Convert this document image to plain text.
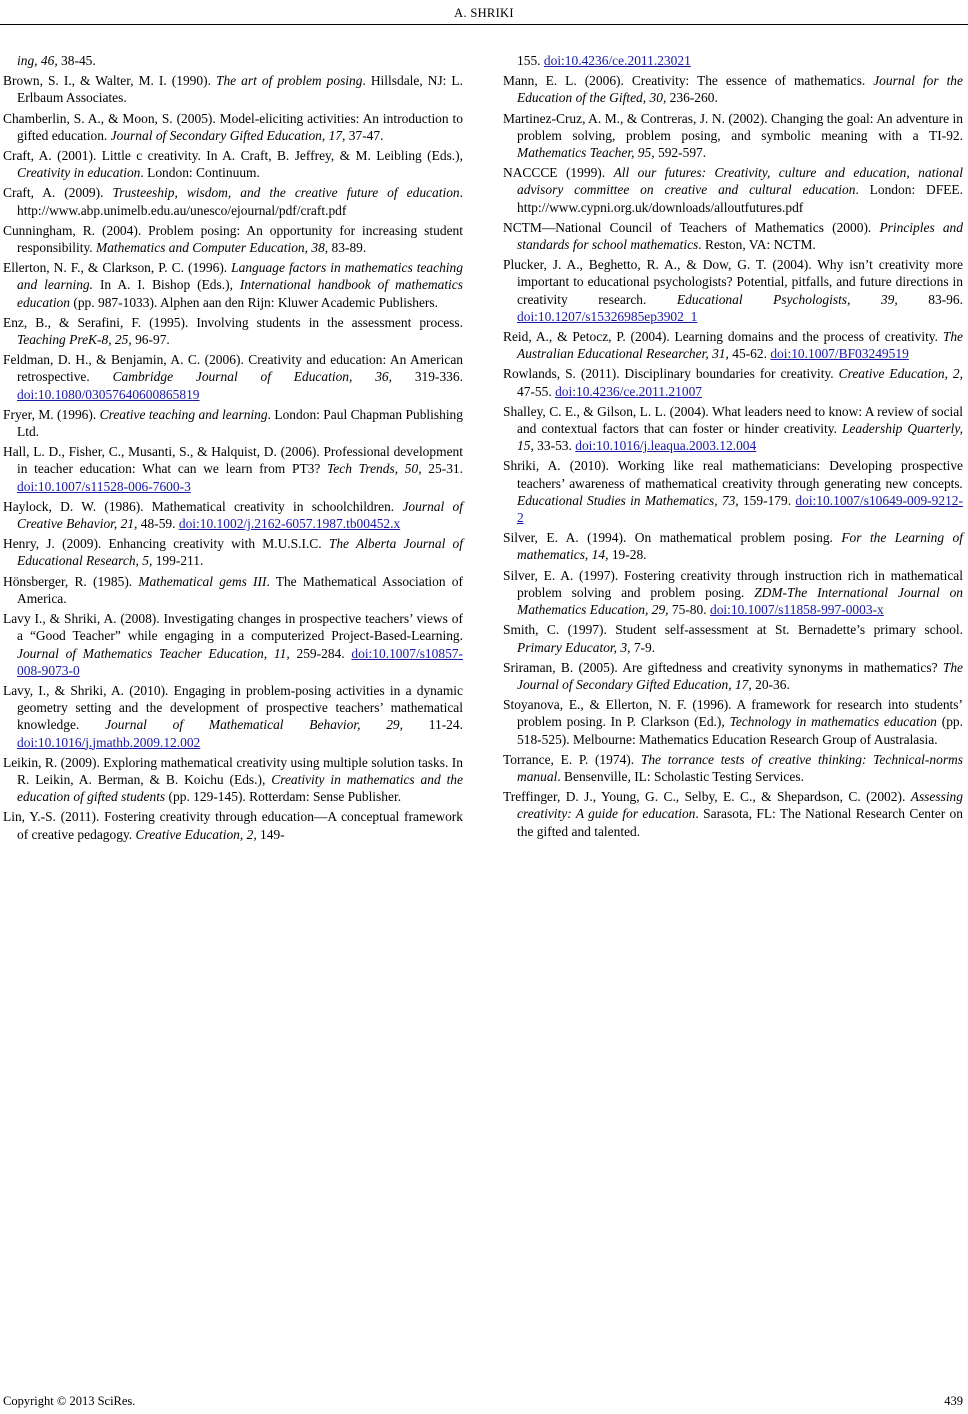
A. SHRIKI

ing, 46, 38-45.

Brown, S. I., & Walter, M. I. (1990). The art of problem posing. Hillsdale, NJ: L. Erlbaum Associates.

Chamberlin, S. A., & Moon, S. (2005). Model-eliciting activities: An introduction to gifted education. Journal of Secondary Gifted Education, 17, 37-47.

Craft, A. (2001). Little c creativity. In A. Craft, B. Jeffrey, & M. Leibling (Eds.), Creativity in education. London: Continuum.

Craft, A. (2009). Trusteeship, wisdom, and the creative future of education. http://www.abp.unimelb.edu.au/unesco/ejournal/pdf/craft.pdf

Cunningham, R. (2004). Problem posing: An opportunity for increasing student responsibility. Mathematics and Computer Education, 38, 83-89.

Ellerton, N. F., & Clarkson, P. C. (1996). Language factors in mathematics teaching and learning. In A. I. Bishop (Eds.), International handbook of mathematics education (pp. 987-1033). Alphen aan den Rijn: Kluwer Academic Publishers.

Enz, B., & Serafini, F. (1995). Involving students in the assessment process. Teaching PreK-8, 25, 96-97.

Feldman, D. H., & Benjamin, A. C. (2006). Creativity and education: An American retrospective. Cambridge Journal of Education, 36, 319-336. doi:10.1080/03057640600865819

Fryer, M. (1996). Creative teaching and learning. London: Paul Chapman Publishing Ltd.

Hall, L. D., Fisher, C., Musanti, S., & Halquist, D. (2006). Professional development in teacher education: What can we learn from PT3? Tech Trends, 50, 25-31. doi:10.1007/s11528-006-7600-3

Haylock, D. W. (1986). Mathematical creativity in schoolchildren. Journal of Creative Behavior, 21, 48-59. doi:10.1002/j.2162-6057.1987.tb00452.x

Henry, J. (2009). Enhancing creativity with M.U.S.I.C. The Alberta Journal of Educational Research, 5, 199-211.

Hönsberger, R. (1985). Mathematical gems III. The Mathematical Association of America.

Lavy I., & Shriki, A. (2008). Investigating changes in prospective teachers’ views of a “Good Teacher” while engaging in a computerized Project-Based-Learning. Journal of Mathematics Teacher Education, 11, 259-284. doi:10.1007/s10857-008-9073-0

Lavy, I., & Shriki, A. (2010). Engaging in problem-posing activities in a dynamic geometry setting and the development of prospective teachers’ mathematical knowledge. Journal of Mathematical Behavior, 29, 11-24. doi:10.1016/j.jmathb.2009.12.002

Leikin, R. (2009). Exploring mathematical creativity using multiple solution tasks. In R. Leikin, A. Berman, & B. Koichu (Eds.), Creativity in mathematics and the education of gifted students (pp. 129-145). Rotterdam: Sense Publisher.

Lin, Y.-S. (2011). Fostering creativity through education—A conceptual framework of creative pedagogy. Creative Education, 2, 149-

155. doi:10.4236/ce.2011.23021

Mann, E. L. (2006). Creativity: The essence of mathematics. Journal for the Education of the Gifted, 30, 236-260.

Martinez-Cruz, A. M., & Contreras, J. N. (2002). Changing the goal: An adventure in problem solving, problem posing, and symbolic meaning with a TI-92. Mathematics Teacher, 95, 592-597.

NACCCE (1999). All our futures: Creativity, culture and education, national advisory committee on creative and cultural education. London: DFEE. http://www.cypni.org.uk/downloads/alloutfutures.pdf

NCTM—National Council of Teachers of Mathematics (2000). Principles and standards for school mathematics. Reston, VA: NCTM.

Plucker, J. A., Beghetto, R. A., & Dow, G. T. (2004). Why isn’t creativity more important to educational psychologists? Potential, pitfalls, and future directions in creativity research. Educational Psychologists, 39, 83-96. doi:10.1207/s15326985ep3902_1

Reid, A., & Petocz, P. (2004). Learning domains and the process of creativity. The Australian Educational Researcher, 31, 45-62. doi:10.1007/BF03249519

Rowlands, S. (2011). Disciplinary boundaries for creativity. Creative Education, 2, 47-55. doi:10.4236/ce.2011.21007

Shalley, C. E., & Gilson, L. L. (2004). What leaders need to know: A review of social and contextual factors that can foster or hinder creativity. Leadership Quarterly, 15, 33-53. doi:10.1016/j.leaqua.2003.12.004

Shriki, A. (2010). Working like real mathematicians: Developing prospective teachers’ awareness of mathematical creativity through generating new concepts. Educational Studies in Mathematics, 73, 159-179. doi:10.1007/s10649-009-9212-2

Silver, E. A. (1994). On mathematical problem posing. For the Learning of mathematics, 14, 19-28.

Silver, E. A. (1997). Fostering creativity through instruction rich in mathematical problem solving and problem posing. ZDM-The International Journal on Mathematics Education, 29, 75-80. doi:10.1007/s11858-997-0003-x

Smith, C. (1997). Student self-assessment at St. Bernadette’s primary school. Primary Educator, 3, 7-9.

Sriraman, B. (2005). Are giftedness and creativity synonyms in mathematics? The Journal of Secondary Gifted Education, 17, 20-36.

Stoyanova, E., & Ellerton, N. F. (1996). A framework for research into students’ problem posing. In P. Clarkson (Ed.), Technology in mathematics education (pp. 518-525). Melbourne: Mathematics Education Research Group of Australasia.

Torrance, E. P. (1974). The torrance tests of creative thinking: Technical-norms manual. Bensenville, IL: Scholastic Testing Services.

Treffinger, D. J., Young, G. C., Selby, E. C., & Shepardson, C. (2002). Assessing creativity: A guide for education. Sarasota, FL: The National Research Center on the gifted and talented.

Copyright © 2013 SciRes.	439
